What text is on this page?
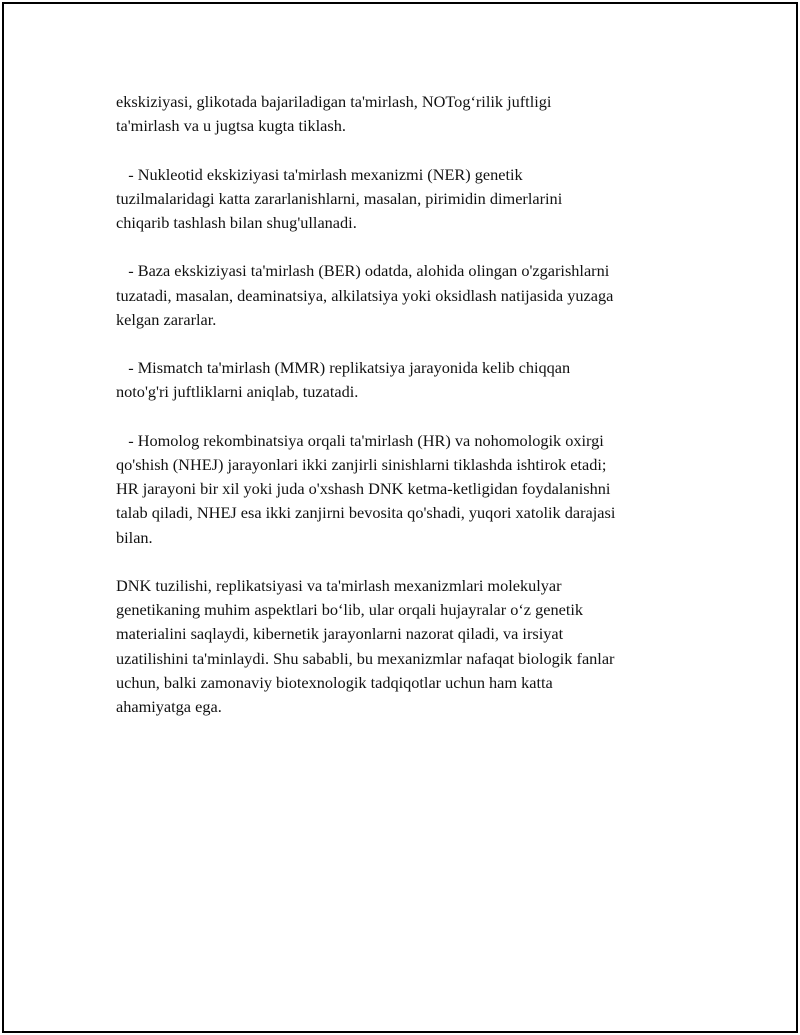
ekskiziyasi, glikotada bajariladigan ta'mirlash, NOTog‘rilik juftligi
ta'mirlash va u jugtsa kugta tiklash.

- Nukleotid ekskiziyasi ta'mirlash mexanizmi (NER) genetik
tuzilmalaridagi katta zararlanishlarni, masalan, pirimidin dimerlarini
chiqarib tashlash bilan shug'ullanadi.

- Baza ekskiziyasi ta'mirlash (BER) odatda, alohida olingan o'zgarishlarni
tuzatadi, masalan, deaminatsiya, alkilatsiya yoki oksidlash natijasida yuzaga
kelgan zararlar.

- Mismatch ta'mirlash (MMR) replikatsiya jarayonida kelib chiqqan
noto'g'ri juftliklarni aniqlab, tuzatadi.

- Homolog rekombinatsiya orqali ta'mirlash (HR) va nohomologik oxirgi
qo'shish (NHEJ) jarayonlari ikki zanjirli sinishlarni tiklashda ishtirok etadi;
HR jarayoni bir xil yoki juda o'xshash DNK ketma-ketligidan foydalanishni
talab qiladi, NHEJ esa ikki zanjirni bevosita qo'shadi, yuqori xatolik darajasi
bilan.

DNK tuzilishi, replikatsiyasi va ta'mirlash mexanizmlari molekulyar
genetikaning muhim aspektlari bo‘lib, ular orqali hujayralar o‘z genetik
materialini saqlaydi, kibernetik jarayonlarni nazorat qiladi, va irsiyat
uzatilishini ta'minlaydi. Shu sababli, bu mexanizmlar nafaqat biologik fanlar
uchun, balki zamonaviy biotexnologik tadqiqotlar uchun ham katta
ahamiyatga ega.
